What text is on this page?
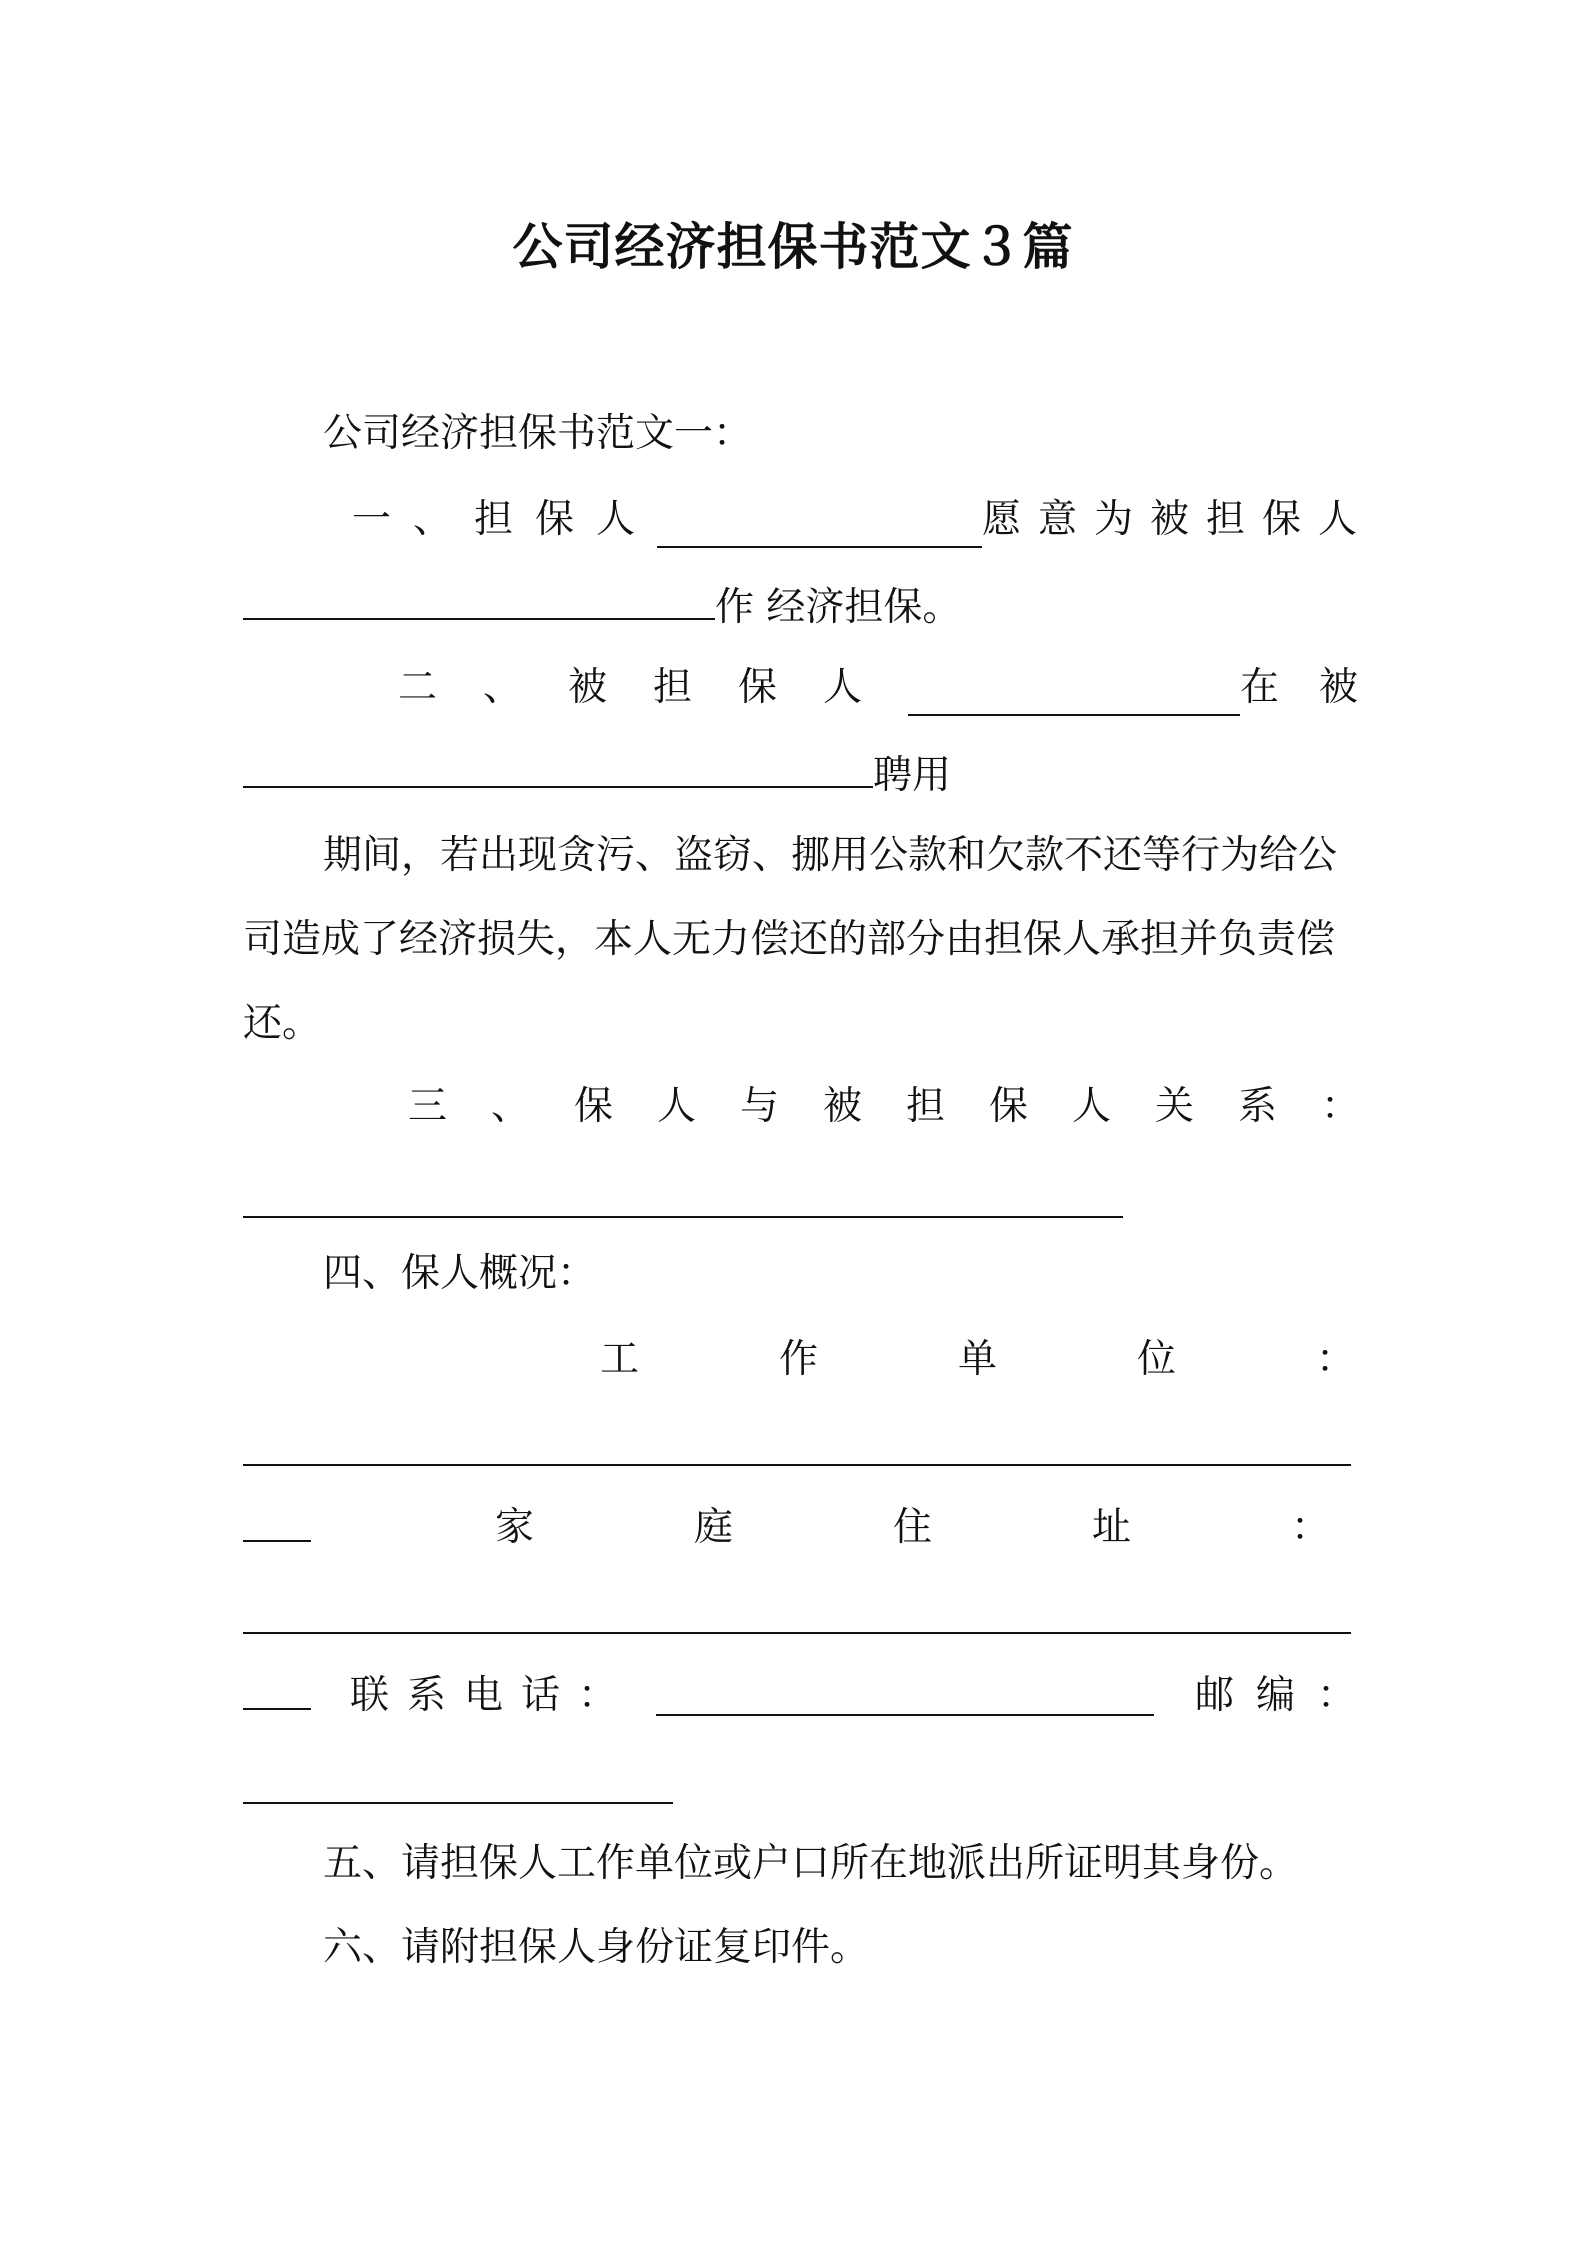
公司经济担保书范文３篇
公司经济担保书范文一：
一、担保人	愿意为被担保人
作 经济担保。
二、被担保人	在被
聘用
期间，若出现贪污、盗窃、挪用公款和欠款不还等行为给公
司造成了经济损失，本人无力偿还的部分由担保人承担并负责偿
还。
三、保人与被担保人关系：
四、保人概况：
工作单位：
家庭住址：
联系电话：	邮编：
五、请担保人工作单位或户口所在地派出所证明其身份。
六、请附担保人身份证复印件。
